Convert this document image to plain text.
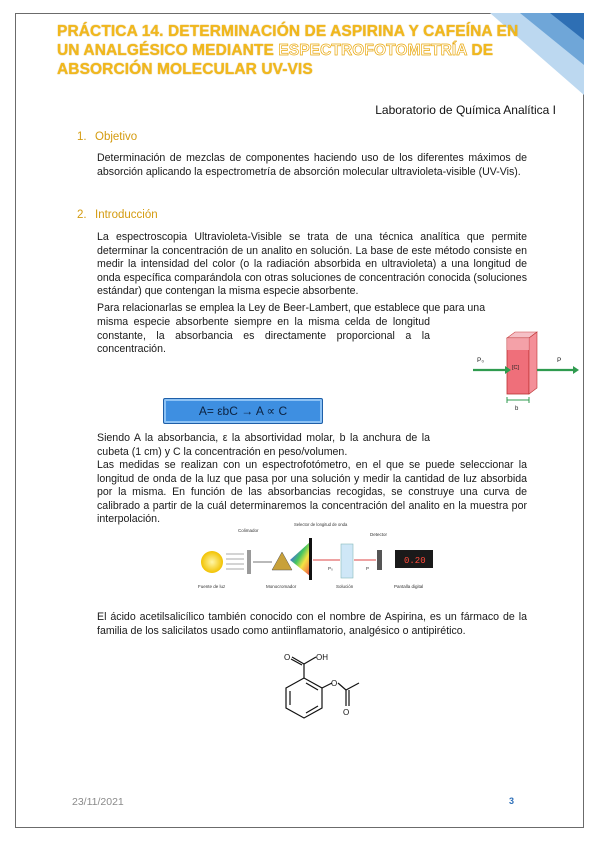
PRÁCTICA 14. DETERMINACIÓN DE ASPIRINA Y CAFEÍNA EN UN ANALGÉSICO MEDIANTE ESPECTROFOTOMETRÍA DE ABSORCIÓN MOLECULAR UV-VIS
Laboratorio de Química Analítica I
1. Objetivo
Determinación de mezclas de componentes haciendo uso de los diferentes máximos de absorción aplicando la espectrometría de absorción molecular ultravioleta-visible (UV-Vis).
2. Introducción
La espectroscopia Ultravioleta-Visible se trata de una técnica analítica que permite determinar la concentración de un analito en solución. La base de este método consiste en medir la intensidad del color (o la radiación absorbida en ultravioleta) a una longitud de onda específica comparándola con otras soluciones de concentración conocida (soluciones estándar) que contengan la misma especie absorbente.
Para relacionarlas se emplea la Ley de Beer-Lambert, que establece que para una
misma especie absorbente siempre en la misma celda de longitud constante, la absorbancia es directamente proporcional a la concentración.
A= εbC → A ∝ C
P₀	P
[C]
b
Siendo A la absorbancia, ε la absortividad molar, b la anchura de la cubeta (1 cm) y C la concentración en peso/volumen.
Las medidas se realizan con un espectrofotómetro, en el que se puede seleccionar la longitud de onda de la luz que pasa por una solución y medir la cantidad de luz absorbida por la misma. En función de las absorbancias recogidas, se construye una curva de calibrado a partir de la cuál determinaremos la concentración del analito en la muestra por interpolación.
0.20
Colimador
Selector de longitud de onda
Detector
Fuente de luz	Monocromador	Solución	Pantalla digital
P₀	P
El ácido acetilsalicílico también conocido con el nombre de Aspirina, es un fármaco de la familia de los salicilatos usado como antiinflamatorio, analgésico o antipirético.
O	OH
O
O
23/11/2021	3
